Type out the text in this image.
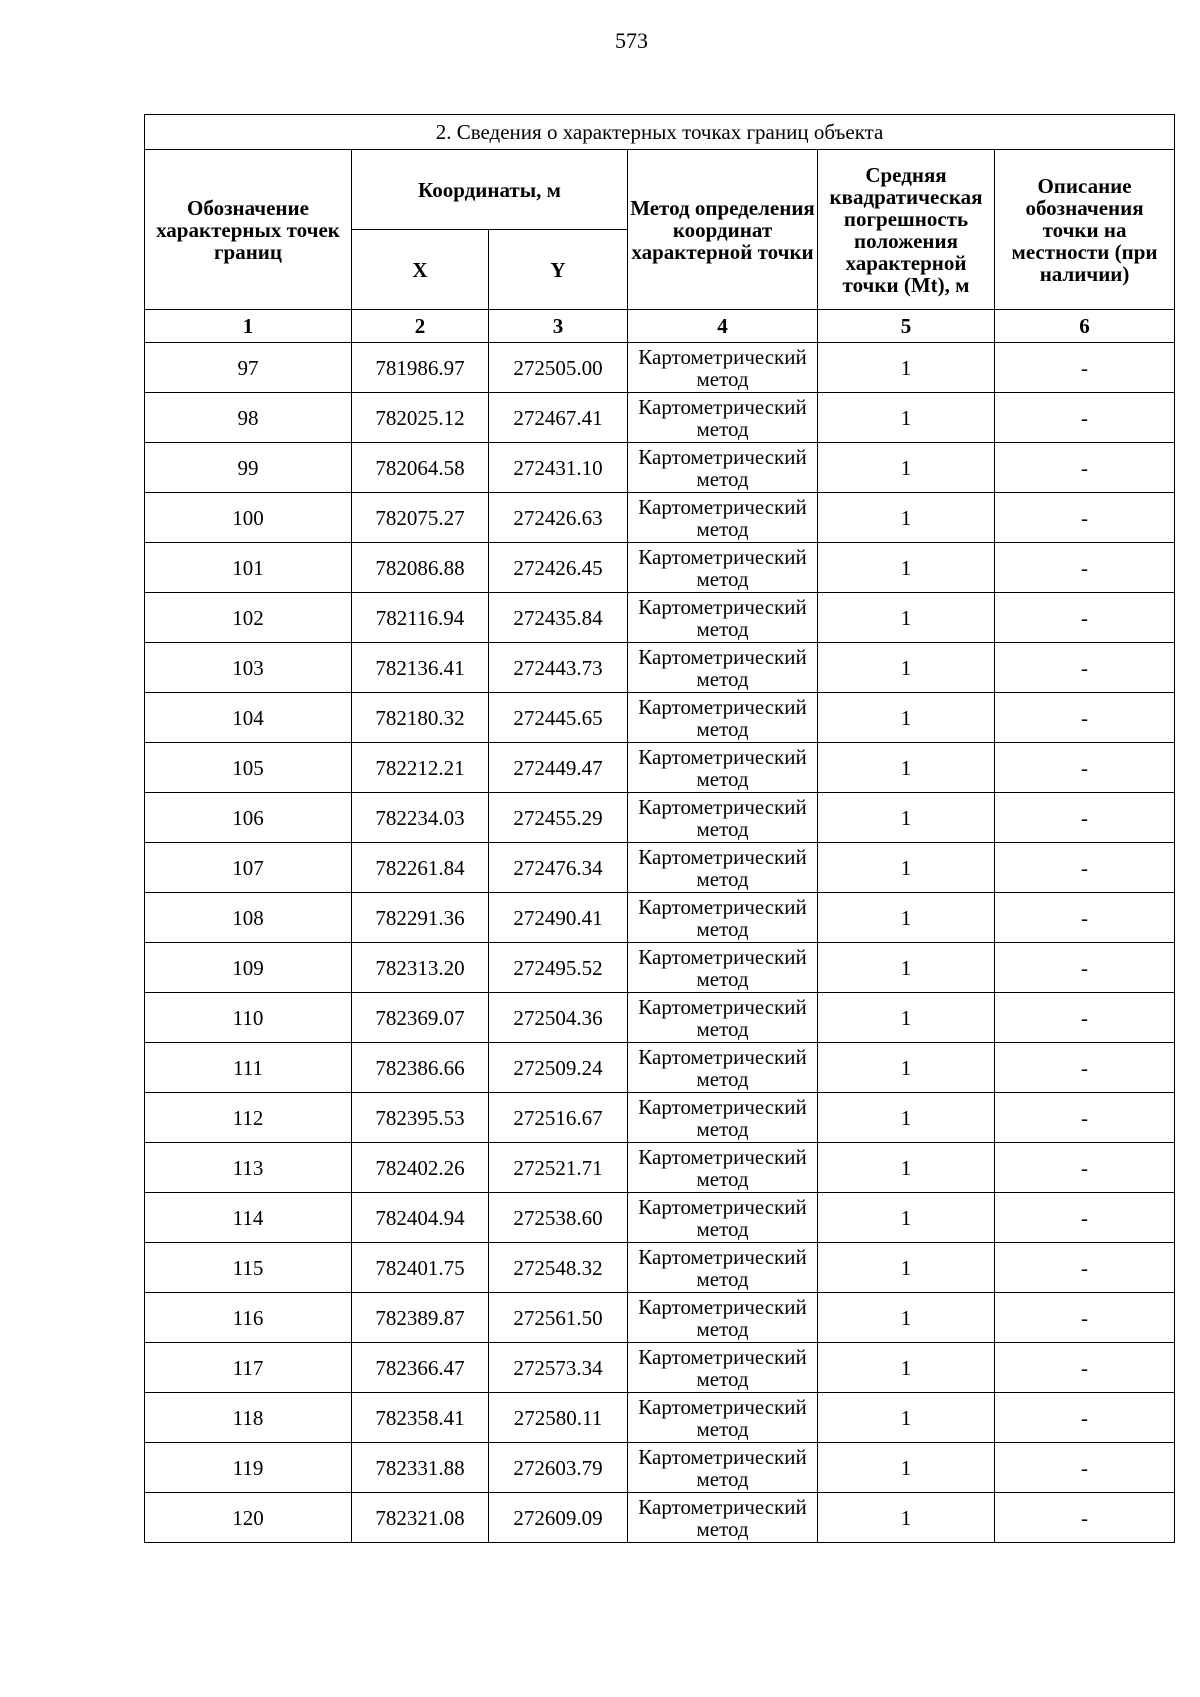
573
2. Сведения о характерных точках границ объекта					
Обозначение характерных точек границ	Координаты, м		Метод определения координат характерной точки	Средняя квадратическая погрешность положения характерной точки (Mt), м	Описание обозначения точки на местности (при наличии)
	X	Y			
1	2	3	4	5	6
97	781986.97	272505.00	Картометрический метод	1	-
98	782025.12	272467.41	Картометрический метод	1	-
99	782064.58	272431.10	Картометрический метод	1	-
100	782075.27	272426.63	Картометрический метод	1	-
101	782086.88	272426.45	Картометрический метод	1	-
102	782116.94	272435.84	Картометрический метод	1	-
103	782136.41	272443.73	Картометрический метод	1	-
104	782180.32	272445.65	Картометрический метод	1	-
105	782212.21	272449.47	Картометрический метод	1	-
106	782234.03	272455.29	Картометрический метод	1	-
107	782261.84	272476.34	Картометрический метод	1	-
108	782291.36	272490.41	Картометрический метод	1	-
109	782313.20	272495.52	Картометрический метод	1	-
110	782369.07	272504.36	Картометрический метод	1	-
111	782386.66	272509.24	Картометрический метод	1	-
112	782395.53	272516.67	Картометрический метод	1	-
113	782402.26	272521.71	Картометрический метод	1	-
114	782404.94	272538.60	Картометрический метод	1	-
115	782401.75	272548.32	Картометрический метод	1	-
116	782389.87	272561.50	Картометрический метод	1	-
117	782366.47	272573.34	Картометрический метод	1	-
118	782358.41	272580.11	Картометрический метод	1	-
119	782331.88	272603.79	Картометрический метод	1	-
120	782321.08	272609.09	Картометрический метод	1	-
